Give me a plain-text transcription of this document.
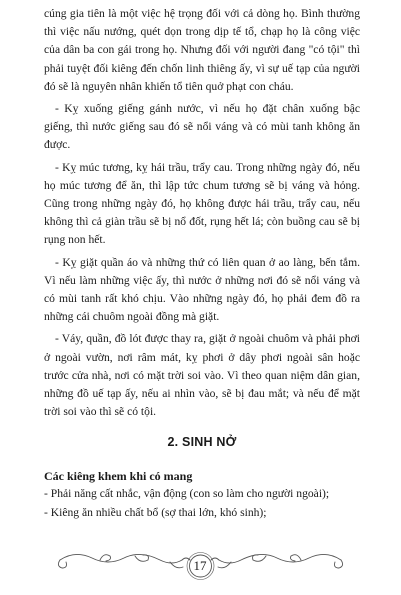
cúng gia tiên là một việc hệ trọng đối với cả dòng họ. Bình thường thì việc nấu nướng, quét dọn trong dịp tế tổ, chạp họ là công việc của dân ba con gái trong họ. Nhưng đối với người đang "có tội" thì phải tuyệt đối kiêng đến chốn linh thiêng ấy, vì sự uế tạp của người đó sẽ là nguyên nhân khiến tổ tiên quở phạt con cháu.

- Kỵ xuống giếng gánh nước, vì nếu họ đặt chân xuống bậc giếng, thì nước giếng sau đó sẽ nổi váng và có mùi tanh không ăn được.

- Kỵ múc tương, kỵ hái trầu, trẩy cau. Trong những ngày đó, nếu họ múc tương để ăn, thì lập tức chum tương sẽ bị váng và hỏng. Cũng trong những ngày đó, họ không được hái trầu, trẩy cau, nếu không thì cả giàn trầu sẽ bị nổ đốt, rụng hết lá; còn buồng cau sẽ bị rụng non hết.

- Kỵ giặt quần áo và những thứ có liên quan ở ao làng, bến tắm. Vì nếu làm những việc ấy, thì nước ở những nơi đó sẽ nổi váng và có mùi tanh rất khó chịu. Vào những ngày đó, họ phải đem đồ ra những cái chuôm ngoài đồng mà giặt.

- Váy, quần, đồ lót được thay ra, giặt ở ngoài chuôm và phải phơi ở ngoài vườn, nơi râm mát, kỵ phơi ở dây phơi ngoài sân hoặc trước cửa nhà, nơi có mặt trời soi vào. Vì theo quan niệm dân gian, những đồ uế tạp ấy, nếu ai nhìn vào, sẽ bị đau mắt; và nếu để mặt trời soi vào thì sẽ có tội.

2. SINH NỞ
Các kiêng khem khi có mang

- Phải năng cất nhắc, vận động (con so làm cho người ngoài);

- Kiêng ăn nhiều chất bổ (sợ thai lớn, khó sinh);

17
